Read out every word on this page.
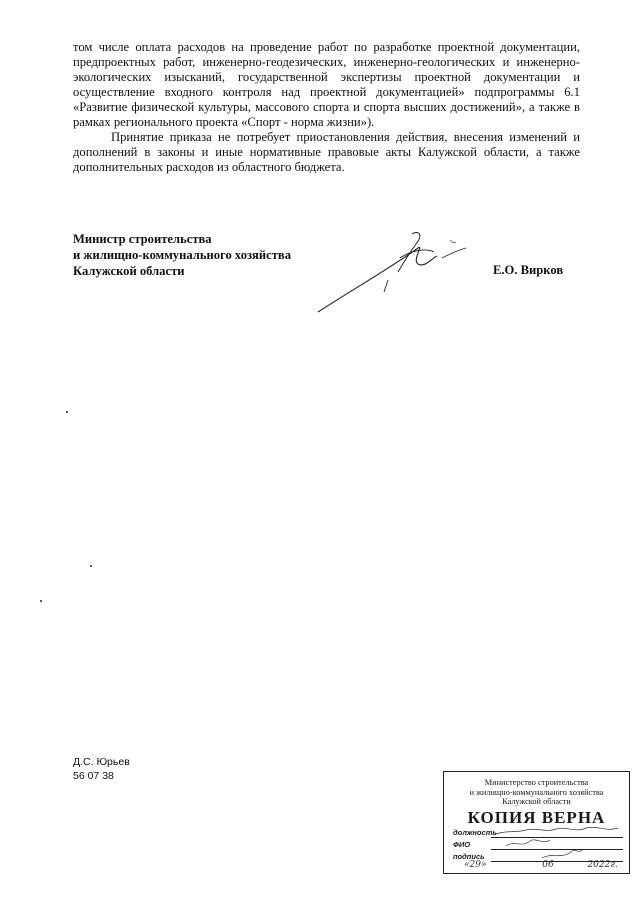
том числе оплата расходов на проведение работ по разработке проектной документации, предпроектных работ, инженерно-геодезических, инженерно-геологических и инженерно-экологических изысканий, государственной экспертизы проектной документации и осуществление входного контроля над проектной документацией» подпрограммы 6.1 «Развитие физической культуры, массового спорта и спорта высших достижений», а также в рамках регионального проекта «Спорт - норма жизни»).

Принятие приказа не потребует приостановления действия, внесения изменений и дополнений в законы и иные нормативные правовые акты Калужской области, а также дополнительных расходов из областного бюджета.

Министр строительства
и жилищно-коммунального хозяйства
Калужской области	Е.О. Вирков
Д.С. Юрьев
56 07 38
Министерство строительства
и жилищно-коммунального хозяйства
Калужской области
КОПИЯ ВЕРНА
должность
ФИО
подпись
«29»	06	2022г.
